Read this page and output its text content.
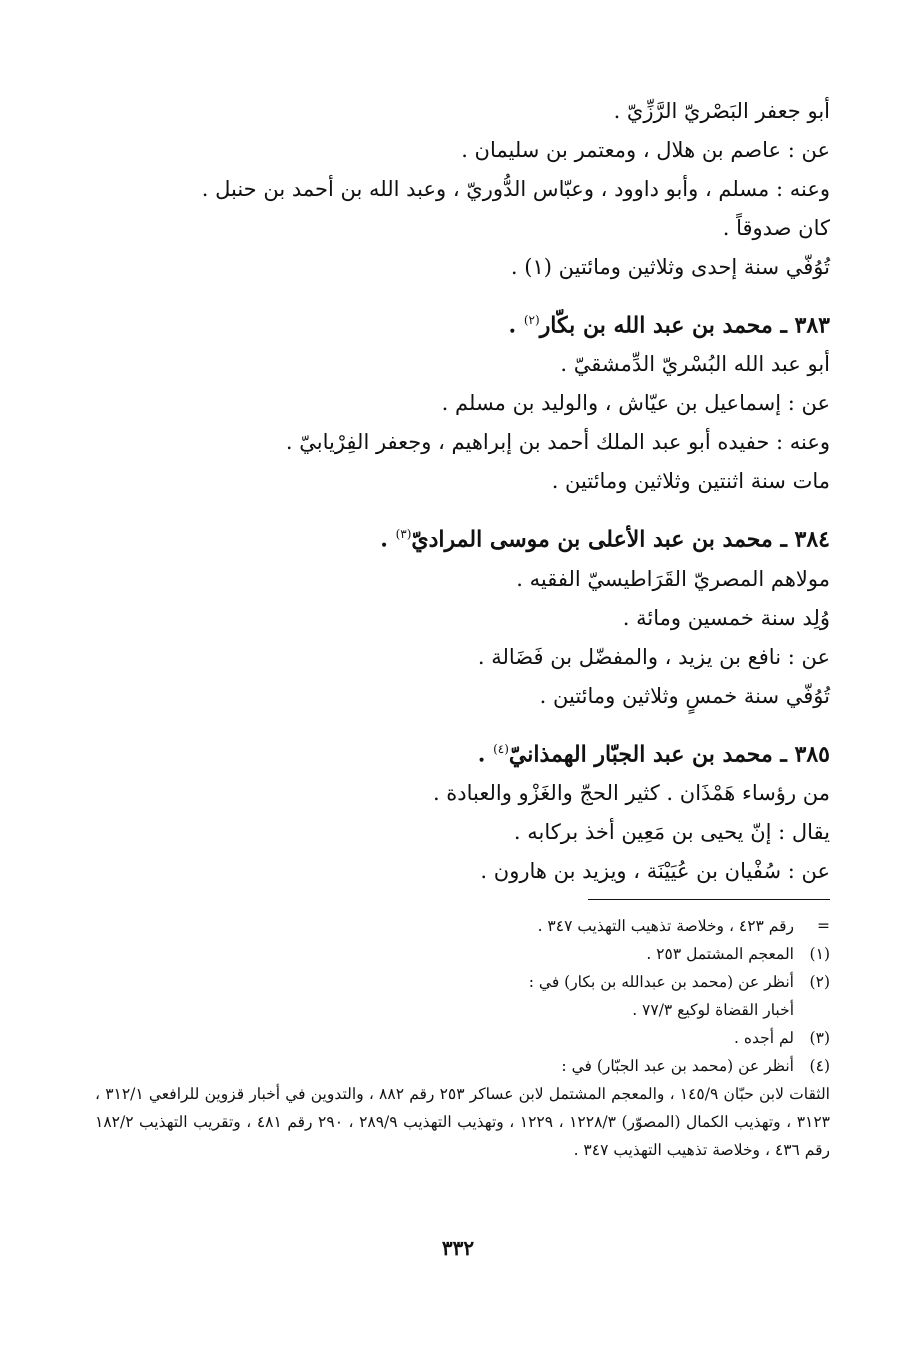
أبو جعفر البَصْريّ الرَّزِّيّ .
عن : عاصم بن هلال ، ومعتمر بن سليمان .
وعنه : مسلم ، وأبو داوود ، وعبّاس الدُّوريّ ، وعبد الله بن أحمد بن حنبل .
كان صدوقاً .
تُوُفّي سنة إحدى وثلاثين ومائتين (١) .
٣٨٣ ـ محمد بن عبد الله بن بكّار$^{(٢)}$ .
أبو عبد الله البُسْريّ الدِّمشقيّ .
عن : إسماعيل بن عيّاش ، والوليد بن مسلم .
وعنه : حفيده أبو عبد الملك أحمد بن إبراهيم ، وجعفر الفِرْيابيّ .
مات سنة اثنتين وثلاثين ومائتين .
٣٨٤ ـ محمد بن عبد الأعلى بن موسى المراديّ$^{(٣)}$ .
مولاهم المصريّ القَرَاطيسيّ الفقيه .
وُلِد سنة خمسين ومائة .
عن : نافع بن يزيد ، والمفضّل بن فَضَالة .
تُوُفّي سنة خمسٍ وثلاثين ومائتين .
٣٨٥ ـ محمد بن عبد الجبّار الهمذانيّ$^{(٤)}$ .
من رؤساء هَمْذَان . كثير الحجّ والغَزْو والعبادة .
يقال : إنّ يحيى بن مَعِين أخذ بركابه .
عن : سُفْيان بن عُيَيْنَة ، ويزيد بن هارون .
=
رقم ٤٢٣ ، وخلاصة تذهيب التهذيب ٣٤٧ .
(١)
المعجم المشتمل ٢٥٣ .
(٢)
أنظر عن (محمد بن عبدالله بن بكار) في :
أخبار القضاة لوكيع ٧٧/٣ .
(٣)
لم أجده .
(٤)
أنظر عن (محمد بن عبد الجبّار) في :
الثقات لابن حبّان ١٤٥/٩ ، والمعجم المشتمل لابن عساكر ٢٥٣ رقم ٨٨٢ ، والتدوين في أخبار قزوين للرافعي ٣١٢/١ ، ٣١٢٣ ، وتهذيب الكمال (المصوّر) ١٢٢٨/٣ ، ١٢٢٩ ، وتهذيب التهذيب ٢٨٩/٩ ، ٢٩٠ رقم ٤٨١ ، وتقريب التهذيب ١٨٢/٢ رقم ٤٣٦ ، وخلاصة تذهيب التهذيب ٣٤٧ .
٣٣٢
